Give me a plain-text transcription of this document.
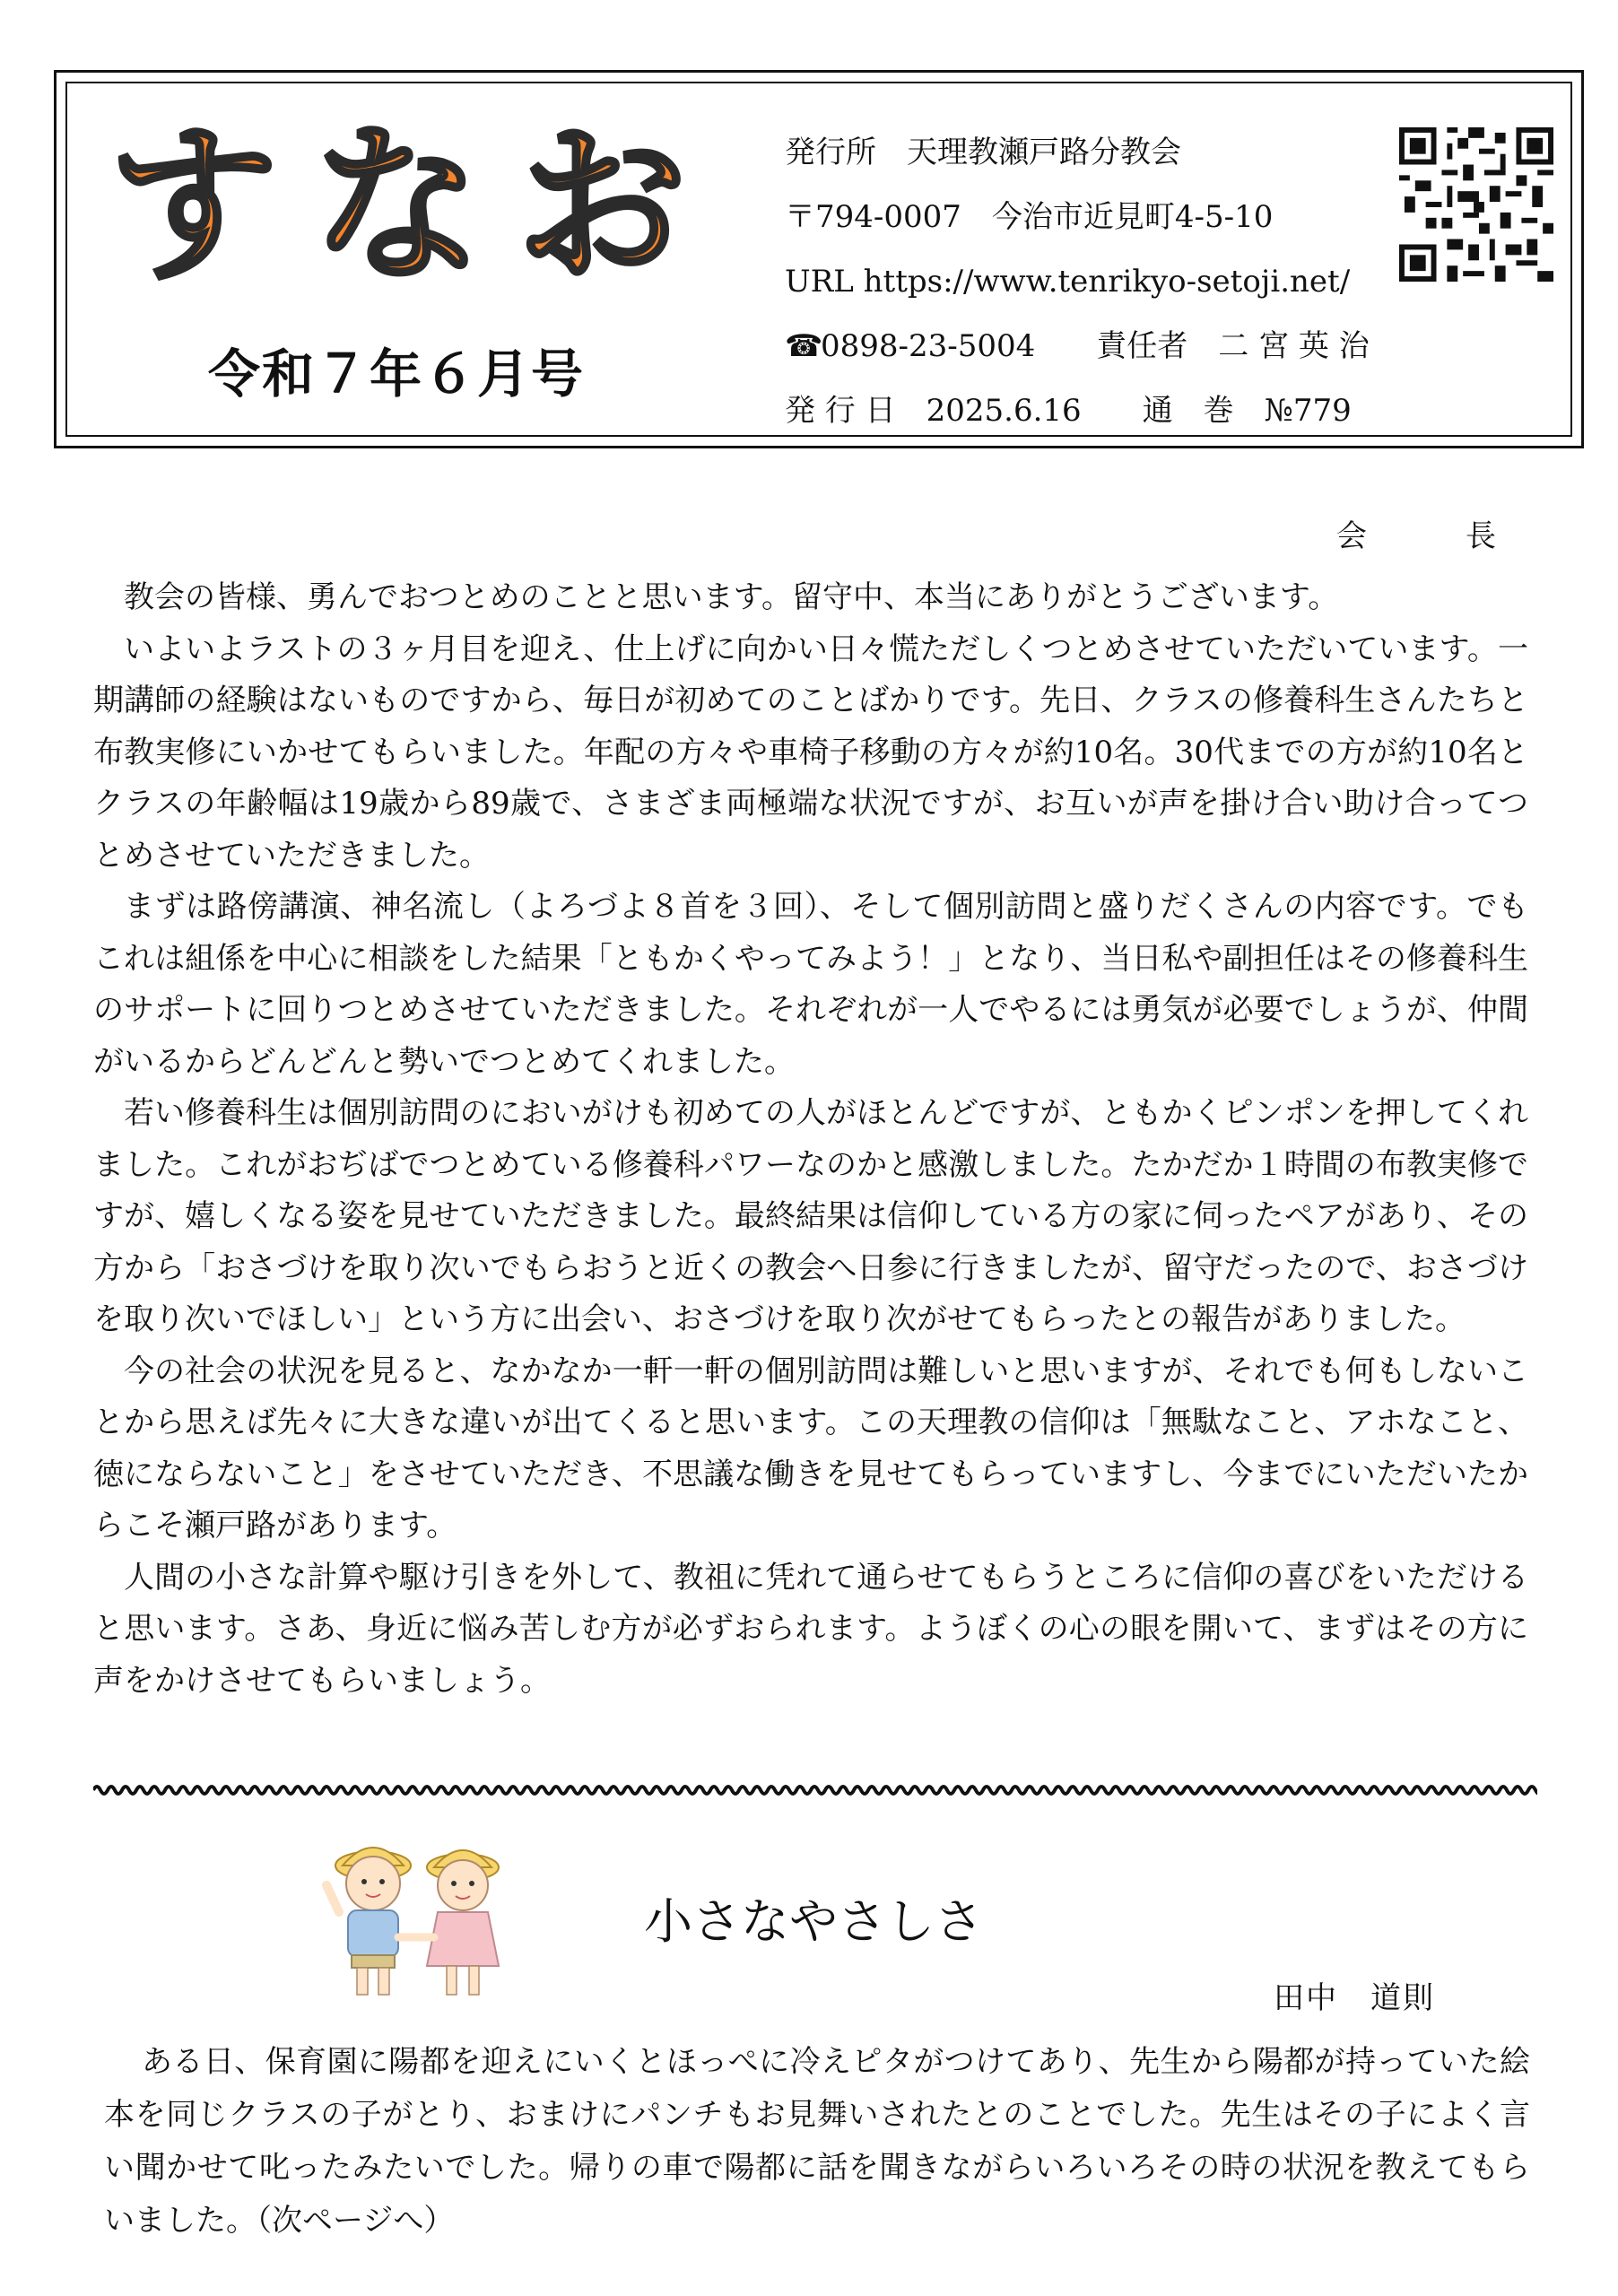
すなお
令和７年６月号
発行所　天理教瀬戸路分教会
〒794-0007　今治市近見町4-5-10
URL https://www.tenrikyo-setoji.net/
☎0898-23-5004　　責任者　二 宮 英 治
発 行 日　2025.6.16　　通　巻　№779
会　　　長

教会の皆様、勇んでおつとめのことと思います。留守中、本当にありがとうございます。

いよいよラストの３ヶ月目を迎え、仕上げに向かい日々慌ただしくつとめさせていただいています。一期講師の経験はないものですから、毎日が初めてのことばかりです。先日、クラスの修養科生さんたちと布教実修にいかせてもらいました。年配の方々や車椅子移動の方々が約10名。30代までの方が約10名とクラスの年齢幅は19歳から89歳で、さまざま両極端な状況ですが、お互いが声を掛け合い助け合ってつとめさせていただきました。

まずは路傍講演、神名流し（よろづよ８首を３回）、そして個別訪問と盛りだくさんの内容です。でもこれは組係を中心に相談をした結果「ともかくやってみよう！」となり、当日私や副担任はその修養科生のサポートに回りつとめさせていただきました。それぞれが一人でやるには勇気が必要でしょうが、仲間がいるからどんどんと勢いでつとめてくれました。

若い修養科生は個別訪問のにおいがけも初めての人がほとんどですが、ともかくピンポンを押してくれました。これがおぢばでつとめている修養科パワーなのかと感激しました。たかだか１時間の布教実修ですが、嬉しくなる姿を見せていただきました。最終結果は信仰している方の家に伺ったペアがあり、その方から「おさづけを取り次いでもらおうと近くの教会へ日参に行きましたが、留守だったので、おさづけを取り次いでほしい」という方に出会い、おさづけを取り次がせてもらったとの報告がありました。

今の社会の状況を見ると、なかなか一軒一軒の個別訪問は難しいと思いますが、それでも何もしないことから思えば先々に大きな違いが出てくると思います。この天理教の信仰は「無駄なこと、アホなこと、徳にならないこと」をさせていただき、不思議な働きを見せてもらっていますし、今までにいただいたからこそ瀬戸路があります。

人間の小さな計算や駆け引きを外して、教祖に凭れて通らせてもらうところに信仰の喜びをいただけると思います。さあ、身近に悩み苦しむ方が必ずおられます。ようぼくの心の眼を開いて、まずはその方に声をかけさせてもらいましょう。

小さなやさしさ
田中　道則

ある日、保育園に陽都を迎えにいくとほっぺに冷えピタがつけてあり、先生から陽都が持っていた絵本を同じクラスの子がとり、おまけにパンチもお見舞いされたとのことでした。先生はその子によく言い聞かせて叱ったみたいでした。帰りの車で陽都に話を聞きながらいろいろその時の状況を教えてもらいました。（次ページへ）
